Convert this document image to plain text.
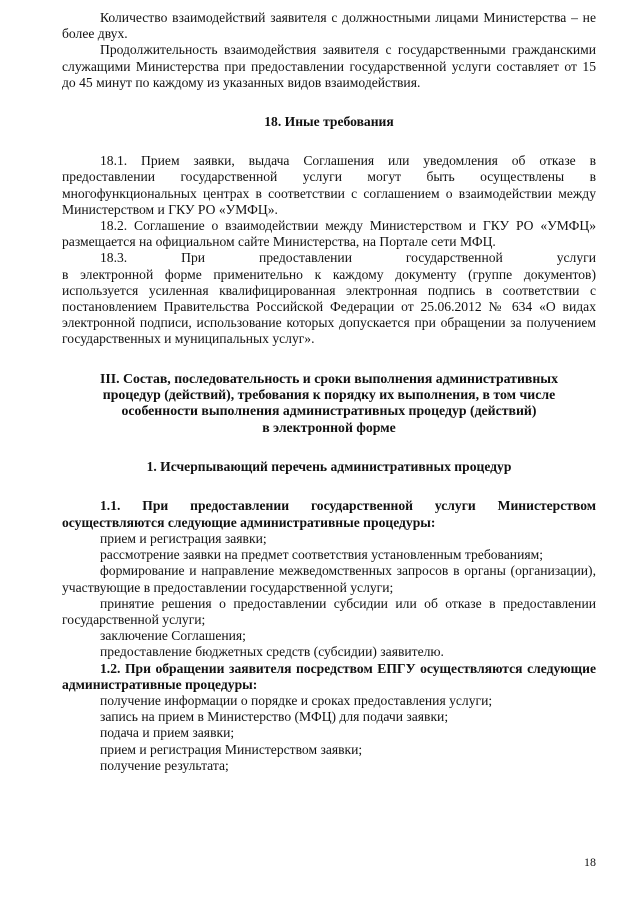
Количество взаимодействий заявителя с должностными лицами Министерства – не более двух.

Продолжительность взаимодействия заявителя с государственными гражданскими служащими Министерства при предоставлении государственной услуги составляет от 15 до 45 минут по каждому из указанных видов взаимодействия.

18. Иные требования

18.1. Прием заявки, выдача Соглашения или уведомления об отказе в предоставлении государственной услуги могут быть осуществлены в многофункциональных центрах в соответствии с соглашением о взаимодействии между Министерством и ГКУ РО «УМФЦ».

18.2. Соглашение о взаимодействии между Министерством и ГКУ РО «УМФЦ» размещается на официальном сайте Министерства, на Портале сети МФЦ.

18.3. При предоставлении государственной услуги

в электронной форме применительно к каждому документу (группе документов) используется усиленная квалифицированная электронная подпись в соответствии с постановлением Правительства Российской Федерации от 25.06.2012 № 634 «О видах электронной подписи, использование которых допускается при обращении за получением государственных и муниципальных услуг».

III. Состав, последовательность и сроки выполнения административных

процедур (действий), требования к порядку их выполнения, в том числе

особенности выполнения административных процедур (действий)

в электронной форме

1. Исчерпывающий перечень административных процедур

1.1. При предоставлении государственной услуги Министерством осуществляются следующие административные процедуры:

прием и регистрация заявки;

рассмотрение заявки на предмет соответствия установленным требованиям;

формирование и направление межведомственных запросов в органы (организации), участвующие в предоставлении государственной услуги;

принятие решения о предоставлении субсидии или об отказе в предоставлении государственной услуги;

заключение Соглашения;

предоставление бюджетных средств (субсидии) заявителю.

1.2. При обращении заявителя посредством ЕПГУ осуществляются следующие административные процедуры:

получение информации о порядке и сроках предоставления услуги;

запись на прием в Министерство (МФЦ) для подачи заявки;

подача и прием заявки;

прием и регистрация Министерством заявки;

получение результата;

18
